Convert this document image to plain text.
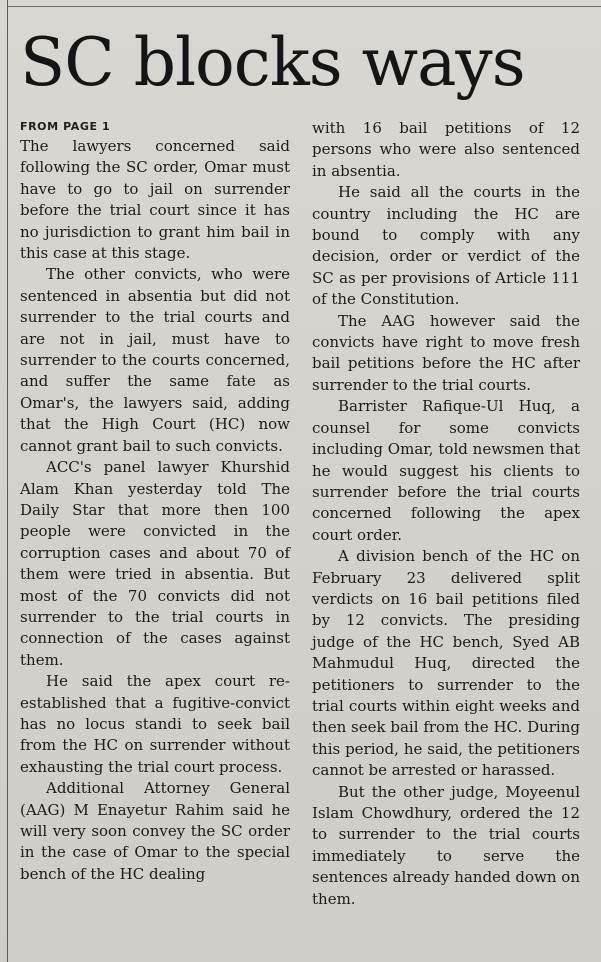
SC blocks ways
FROM PAGE 1

The lawyers concerned said following the SC order, Omar must have to go to jail on surrender before the trial court since it has no jurisdiction to grant him bail in this case at this stage.

The other convicts, who were sentenced in absentia but did not surrender to the trial courts and are not in jail, must have to surrender to the courts concerned, and suffer the same fate as Omar's, the lawyers said, adding that the High Court (HC) now cannot grant bail to such convicts.

ACC's panel lawyer Khurshid Alam Khan yesterday told The Daily Star that more then 100 people were convicted in the corruption cases and about 70 of them were tried in absentia. But most of the 70 convicts did not surrender to the trial courts in connection of the cases against them.

He said the apex court re-established that a fugitive-convict has no locus standi to seek bail from the HC on surrender without exhausting the trial court process.

Additional Attorney General (AAG) M Enayetur Rahim said he will very soon convey the SC order in the case of Omar to the special bench of the HC dealing

with 16 bail petitions of 12 persons who were also sentenced in absentia.

He said all the courts in the country including the HC are bound to comply with any decision, order or verdict of the SC as per provisions of Article 111 of the Constitution.

The AAG however said the convicts have right to move fresh bail petitions before the HC after surrender to the trial courts.

Barrister Rafique-Ul Huq, a counsel for some convicts including Omar, told newsmen that he would suggest his clients to surrender before the trial courts concerned following the apex court order.

A division bench of the HC on February 23 delivered split verdicts on 16 bail petitions filed by 12 convicts. The presiding judge of the HC bench, Syed AB Mahmudul Huq, directed the petitioners to surrender to the trial courts within eight weeks and then seek bail from the HC. During this period, he said, the petitioners cannot be arrested or harassed.

But the other judge, Moyeenul Islam Chowdhury, ordered the 12 to surrender to the trial courts immediately to serve the sentences already handed down on them.
